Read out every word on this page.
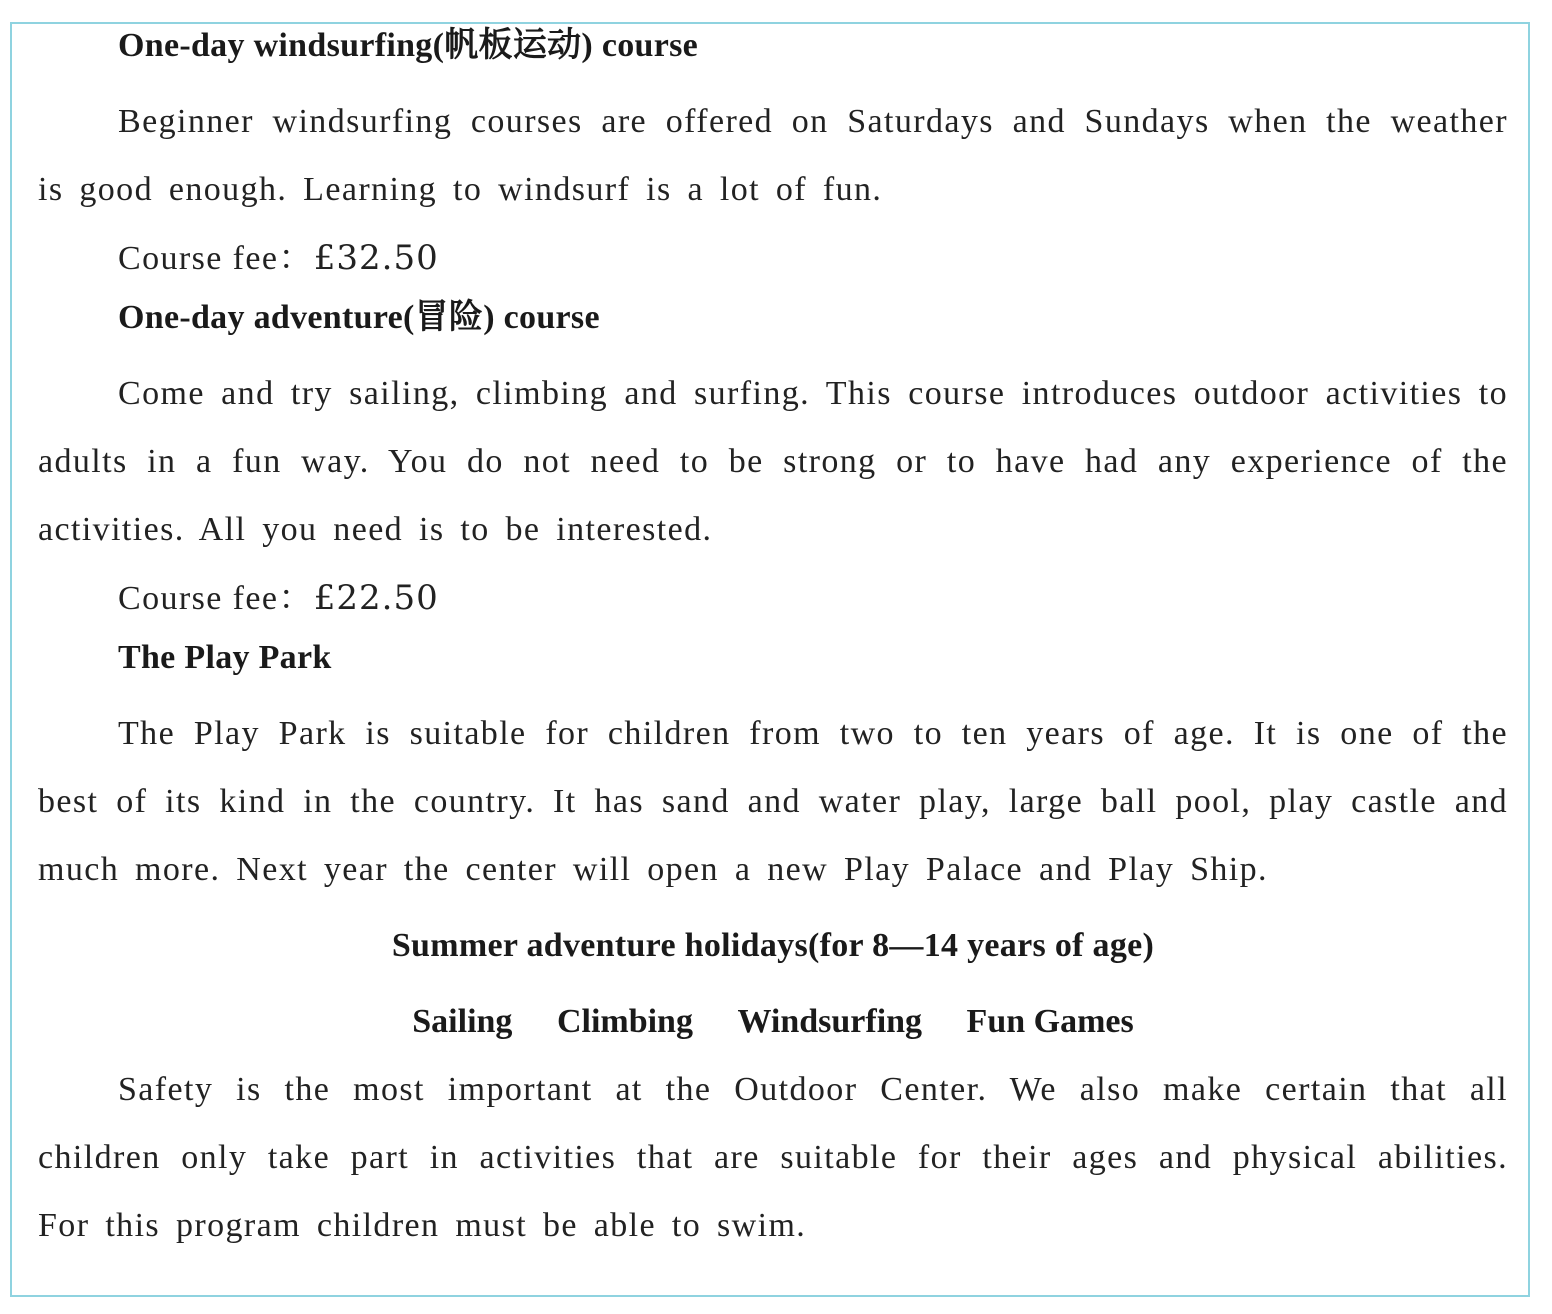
One-day windsurfing(帆板运动) course

Beginner windsurfing courses are offered on Saturdays and Sundays when the weather is good enough. Learning to windsurf is a lot of fun.

Course fee：£32.50
One-day adventure(冒险) course

Come and try sailing, climbing and surfing. This course introduces outdoor activities to adults in a fun way. You do not need to be strong or to have had any experience of the activities. All you need is to be interested.

Course fee：£22.50
The Play Park

The Play Park is suitable for children from two to ten years of age. It is one of the best of its kind in the country. It has sand and water play, large ball pool, play castle and much more. Next year the center will open a new Play Palace and Play Ship.

Summer adventure holidays(for 8—14 years of age)
Sailing Climbing Windsurfing Fun Games

Safety is the most important at the Outdoor Center. We also make certain that all children only take part in activities that are suitable for their ages and physical abilities. For this program children must be able to swim.
